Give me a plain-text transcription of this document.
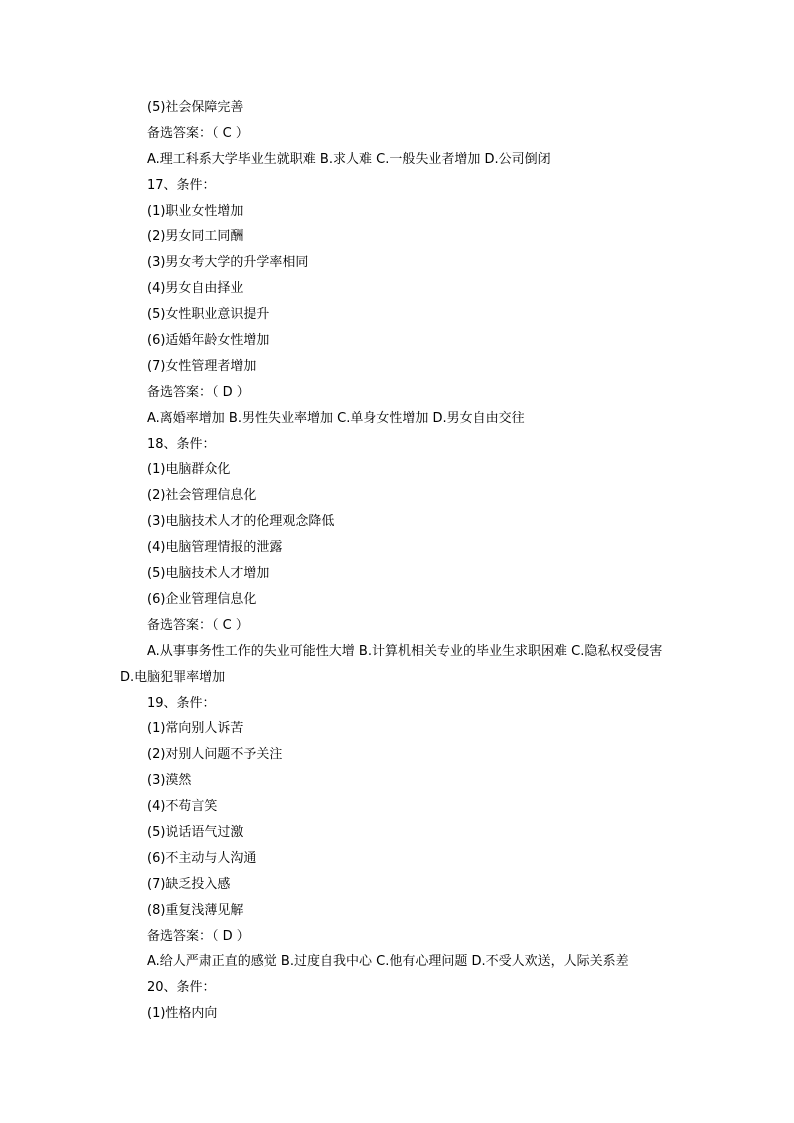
(5)社会保障完善
备选答案：（ C ）
A.理工科系大学毕业生就职难 B.求人难 C.一般失业者增加 D.公司倒闭
17、条件：
(1)职业女性增加
(2)男女同工同酬
(3)男女考大学的升学率相同
(4)男女自由择业
(5)女性职业意识提升
(6)适婚年龄女性增加
(7)女性管理者增加
备选答案：（ D ）
A.离婚率增加 B.男性失业率增加 C.单身女性增加 D.男女自由交往
18、条件：
(1)电脑群众化
(2)社会管理信息化
(3)电脑技术人才的伦理观念降低
(4)电脑管理情报的泄露
(5)电脑技术人才增加
(6)企业管理信息化
备选答案：（ C ）
A.从事事务性工作的失业可能性大增 B.计算机相关专业的毕业生求职困难 C.隐私权受侵害 D.电脑犯罪率增加
19、条件：
(1)常向别人诉苦
(2)对别人问题不予关注
(3)漠然
(4)不苟言笑
(5)说话语气过激
(6)不主动与人沟通
(7)缺乏投入感
(8)重复浅薄见解
备选答案：（ D ）
A.给人严肃正直的感觉 B.过度自我中心 C.他有心理问题 D.不受人欢送，人际关系差
20、条件：
(1)性格内向
